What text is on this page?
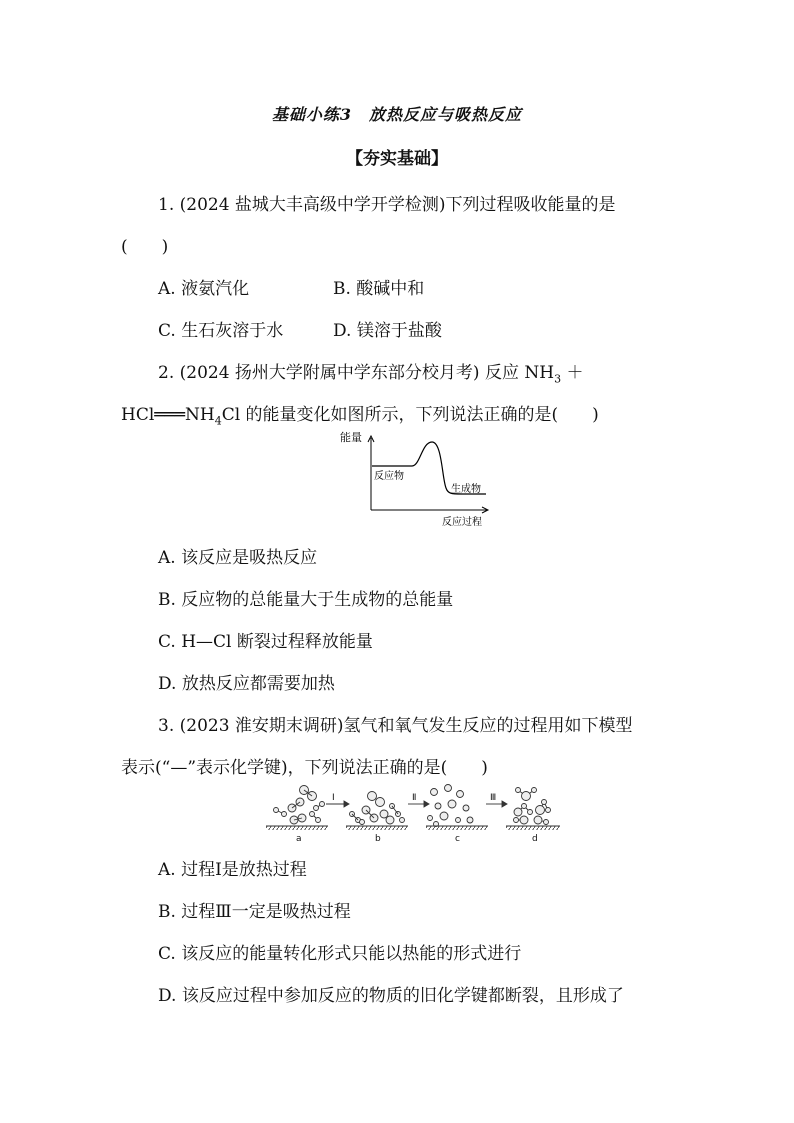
基础小练3　放热反应与吸热反应
【夯实基础】
1. (2024 盐城大丰高级中学开学检测)下列过程吸收能量的是
(　　)
A. 液氨汽化	B. 酸碱中和
C. 生石灰溶于水	D. 镁溶于盐酸
2. (2024 扬州大学附属中学东部分校月考) 反应 $NH_3$ ＋
$HCl═══NH_4Cl$ 的能量变化如图所示，下列说法正确的是(　　)
能量
反应物
生成物
反应过程
A. 该反应是吸热反应
B. 反应物的总能量大于生成物的总能量
C. H—Cl 断裂过程释放能量
D. 放热反应都需要加热
3. (2023 淮安期末调研)氢气和氧气发生反应的过程用如下模型
表示(“—”表示化学键)，下列说法正确的是(　　)
Ⅰ	Ⅱ	Ⅲ
a	b	c	d
A. 过程Ⅰ是放热过程
B. 过程Ⅲ一定是吸热过程
C. 该反应的能量转化形式只能以热能的形式进行
D. 该反应过程中参加反应的物质的旧化学键都断裂，且形成了
